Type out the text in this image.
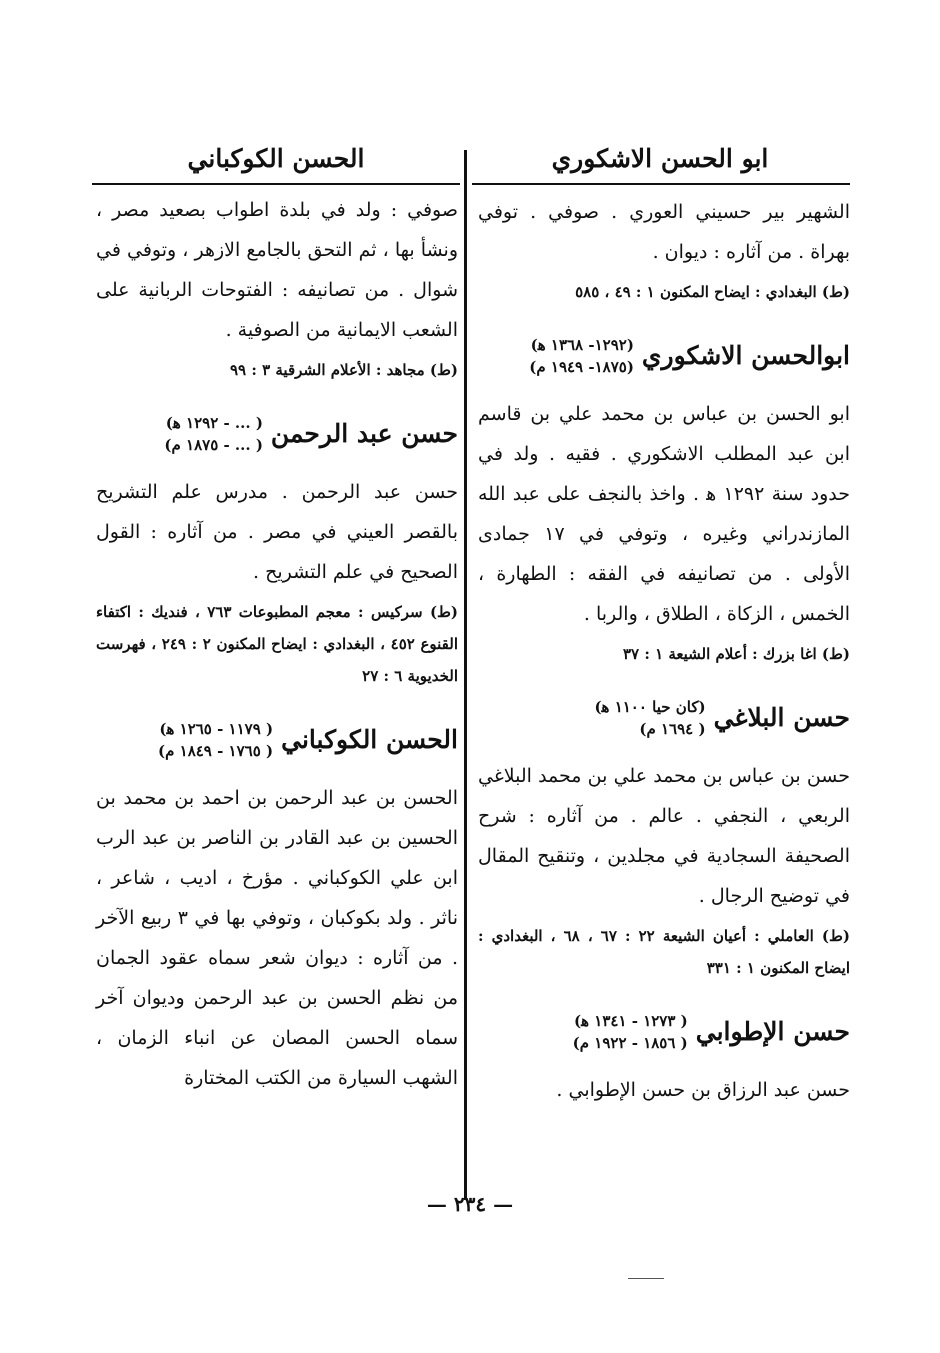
ابو الحسن الاشكوري
الحسن الكوكباني

الشهير بير حسيني العوري . صوفي . توفي بهراة . من آثاره : ديوان .

(ط) البغدادي : ايضاح المكنون ١ : ٤٩ ، ٥٨٥

ابوالحسن الاشكوري
(١٢٩٢- ١٣٦٨ ﻫ)
(١٨٧٥- ١٩٤٩ م)

ابو الحسن بن عباس بن محمد علي بن قاسم ابن عبد المطلب الاشكوري . فقيه . ولد في حدود سنة ١٢٩٢ ﻫ . واخذ بالنجف على عبد الله المازندراني وغيره ، وتوفي في ١٧ جمادى الأولى . من تصانيفه في الفقه : الطهارة ، الخمس ، الزكاة ، الطلاق ، والربا .

(ط) اغا بزرك : أعلام الشيعة ١ : ٣٧

حسن البلاغي
(كان حيا ١١٠٠ ﻫ)
( ١٦٩٤ م)

حسن بن عباس بن محمد علي بن محمد البلاغي الربعي ، النجفي . عالم . من آثاره : شرح الصحيفة السجادية في مجلدين ، وتنقيح المقال في توضيح الرجال .

(ط) العاملي : أعيان الشيعة ٢٢ : ٦٧ ، ٦٨ ، البغدادي : ايضاح المكنون ١ : ٣٣١

حسن الإطوابي
( ١٢٧٣ - ١٣٤١ ﻫ)
( ١٨٥٦ - ١٩٢٢ م)

حسن عبد الرزاق بن حسن الإطوابي .

صوفي : ولد في بلدة اطواب بصعيد مصر ، ونشأ بها ، ثم التحق بالجامع الازهر ، وتوفي في شوال . من تصانيفه : الفتوحات الربانية على الشعب الايمانية من الصوفية .

(ط) مجاهد : الأعلام الشرقية ٣ : ٩٩

حسن عبد الرحمن
( ... - ١٢٩٢ ﻫ)
( ... - ١٨٧٥ م)

حسن عبد الرحمن . مدرس علم التشريح بالقصر العيني في مصر . من آثاره : القول الصحيح في علم التشريح .

(ط) سركيس : معجم المطبوعات ٧٦٣ ، فنديك : اكتفاء القنوع ٤٥٢ ، البغدادي : ايضاح المكنون ٢ : ٢٤٩ ، فهرست الخديوية ٦ : ٢٧

الحسن الكوكباني
( ١١٧٩ - ١٢٦٥ ﻫ)
( ١٧٦٥ - ١٨٤٩ م)

الحسن بن عبد الرحمن بن احمد بن محمد بن الحسين بن عبد القادر بن الناصر بن عبد الرب ابن علي الكوكباني . مؤرخ ، اديب ، شاعر ، ناثر . ولد بكوكبان ، وتوفي بها في ٣ ربيع الآخر . من آثاره : ديوان شعر سماه عقود الجمان من نظم الحسن بن عبد الرحمن وديوان آخر سماه الحسن المصان عن انباء الزمان ، الشهب السيارة من الكتب المختارة

— ٢٣٤ —
